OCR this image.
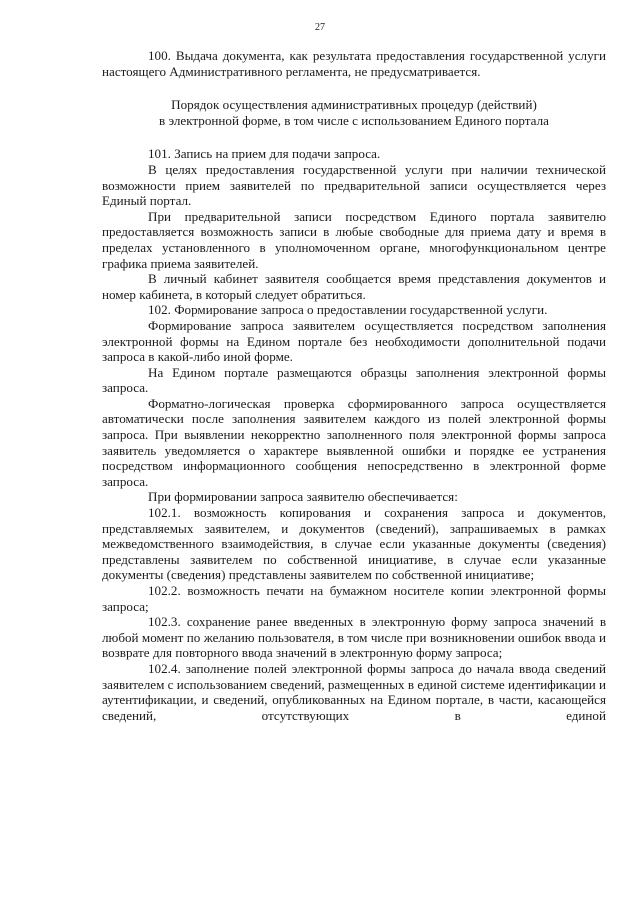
27

100. Выдача документа, как результата предоставления государственной услуги настоящего Административного регламента, не предусматривается.

Порядок осуществления административных процедур (действий)
в электронной форме, в том числе с использованием Единого портала

101. Запись на прием для подачи запроса.

В целях предоставления государственной услуги при наличии технической возможности прием заявителей по предварительной записи осуществляется через Единый портал.

При предварительной записи посредством Единого портала заявителю предоставляется возможность записи в любые свободные для приема дату и время в пределах установленного в уполномоченном органе, многофункциональном центре графика приема заявителей.

В личный кабинет заявителя сообщается время представления документов и номер кабинета, в который следует обратиться.

102. Формирование запроса о предоставлении государственной услуги.

Формирование запроса заявителем осуществляется посредством заполнения электронной формы на Едином портале без необходимости дополнительной подачи запроса в какой-либо иной форме.

На Едином портале размещаются образцы заполнения электронной формы запроса.

Форматно-логическая проверка сформированного запроса осуществляется автоматически после заполнения заявителем каждого из полей электронной формы запроса. При выявлении некорректно заполненного поля электронной формы запроса заявитель уведомляется о характере выявленной ошибки и порядке ее устранения посредством информационного сообщения непосредственно в электронной форме запроса.

При формировании запроса заявителю обеспечивается:

102.1. возможность копирования и сохранения запроса и документов, представляемых заявителем, и документов (сведений), запрашиваемых в рамках межведомственного взаимодействия, в случае если указанные документы (сведения) представлены заявителем по собственной инициативе, в случае если указанные документы (сведения) представлены заявителем по собственной инициативе;

102.2. возможность печати на бумажном носителе копии электронной формы запроса;

102.3. сохранение ранее введенных в электронную форму запроса значений в любой момент по желанию пользователя, в том числе при возникновении ошибок ввода и возврате для повторного ввода значений в электронную форму запроса;

102.4. заполнение полей электронной формы запроса до начала ввода сведений заявителем с использованием сведений, размещенных в единой системе идентификации и аутентификации, и сведений, опубликованных на Едином портале, в части, касающейся сведений, отсутствующих в единой
